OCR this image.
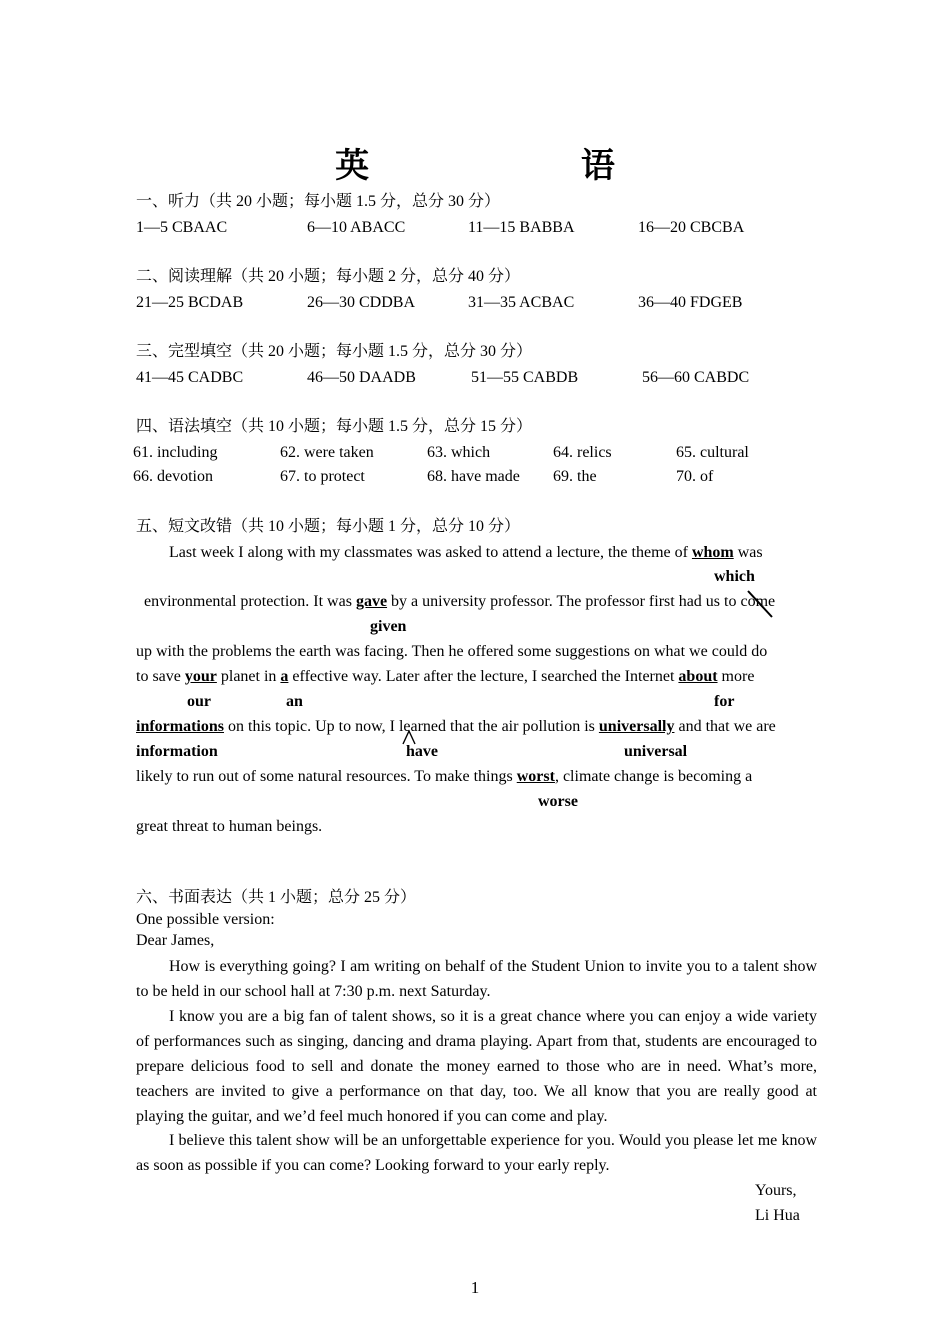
英 语
一、听力（共 20 小题；每小题 1.5 分，总分 30 分）
1—5 CBAAC	6—10 ABACC	11—15 BABBA	16—20 CBCBA
二、阅读理解（共 20 小题；每小题 2 分，总分 40 分）
21—25 BCDAB	26—30 CDDBA	31—35 ACBAC	36—40 FDGEB
三、完型填空（共 20 小题；每小题 1.5 分，总分 30 分）
41—45 CADBC	46—50 DAADB	51—55 CABDB	56—60 CABDC
四、语法填空（共 10 小题；每小题 1.5 分，总分 15 分）
61. including	62. were taken	63. which	64. relics	65. cultural
66. devotion	67. to protect	68. have made 69. the	70. of
五、短文改错（共 10 小题；每小题 1 分，总分 10 分）
Last week I along with my classmates was asked to attend a lecture, the theme of whom was
which
environmental protection. It was gave by a university professor. The professor first had us to come
given
up with the problems the earth was facing. Then he offered some suggestions on what we could do
to save your planet in a effective way. Later after the lecture, I searched the Internet about more
our	an	for
informations on this topic. Up to now, I learned that the air pollution is universally and that we are
information	have	universal
likely to run out of some natural resources. To make things worst, climate change is becoming a
worse
great threat to human beings.
六、书面表达（共 1 小题；总分 25 分）
One possible version:
Dear James,
How is everything going? I am writing on behalf of the Student Union to invite you to a talent show to be held in our school hall at 7:30 p.m. next Saturday.
I know you are a big fan of talent shows, so it is a great chance where you can enjoy a wide variety of performances such as singing, dancing and drama playing. Apart from that, students are encouraged to prepare delicious food to sell and donate the money earned to those who are in need. What’s more, teachers are invited to give a performance on that day, too. We all know that you are really good at playing the guitar, and we’d feel much honored if you can come and play.
I believe this talent show will be an unforgettable experience for you. Would you please let me know as soon as possible if you can come? Looking forward to your early reply.
Yours,
Li Hua
1
